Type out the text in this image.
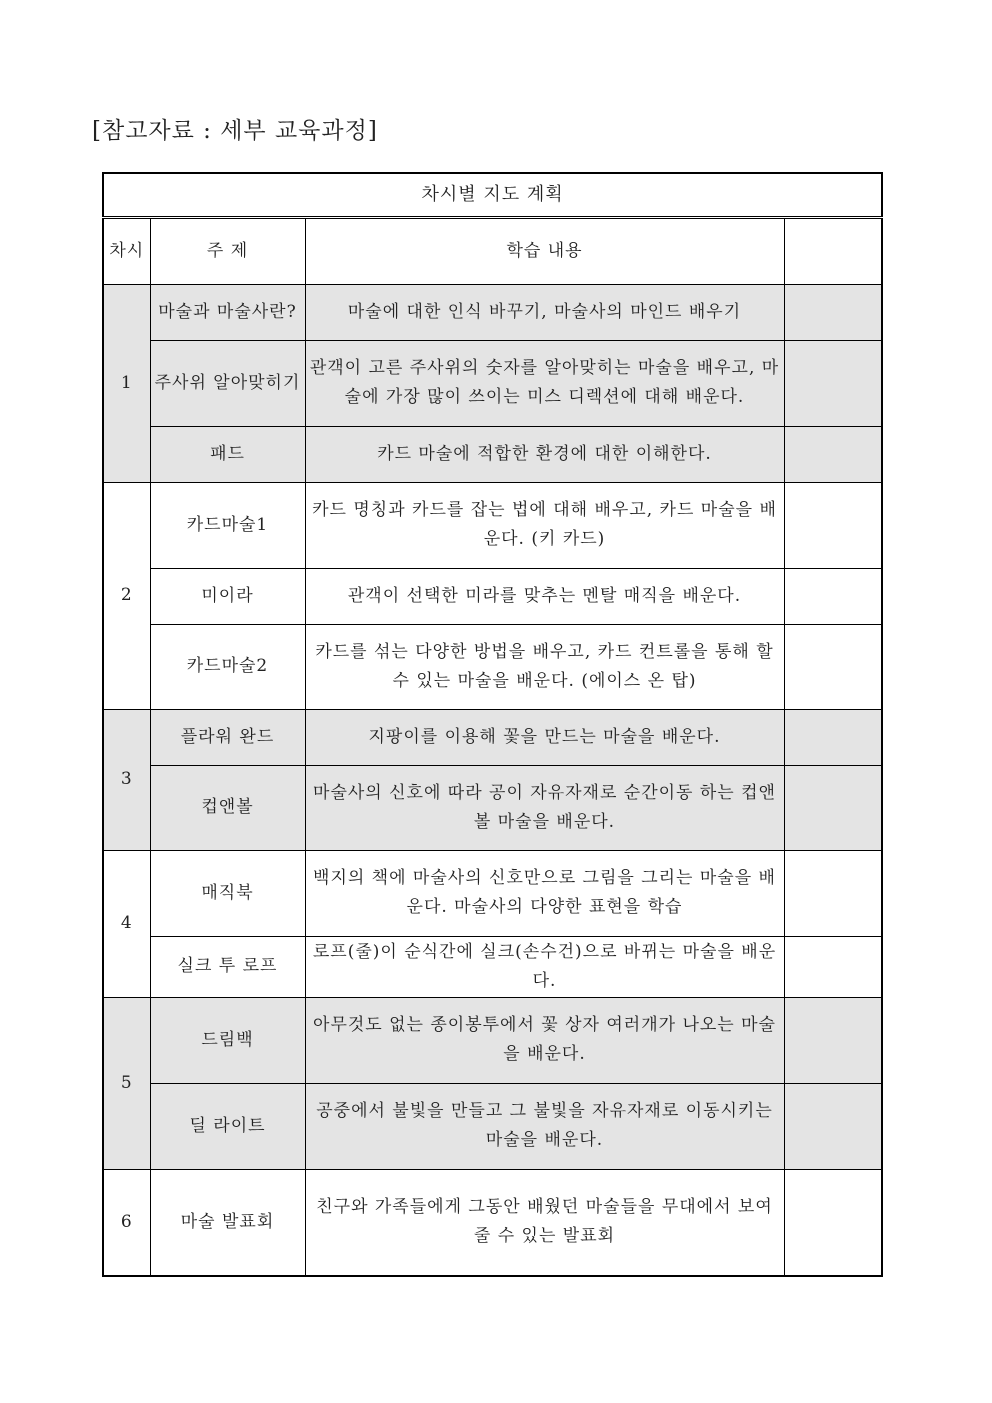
[참고자료 : 세부 교육과정]
차시별 지도 계획			
차시	주 제	학습 내용	
1	마술과 마술사란?	마술에 대한 인식 바꾸기, 마술사의 마인드 배우기	
	주사위 알아맞히기	관객이 고른 주사위의 숫자를 알아맞히는 마술을 배우고, 마술에 가장 많이 쓰이는 미스 디렉션에 대해 배운다.	
	패드	카드 마술에 적합한 환경에 대한 이해한다.	
2	카드마술1	카드 명칭과 카드를 잡는 법에 대해 배우고, 카드 마술을 배운다. (키 카드)	
	미이라	관객이 선택한 미라를 맞추는 멘탈 매직을 배운다.	
	카드마술2	카드를 섞는 다양한 방법을 배우고, 카드 컨트롤을 통해 할 수 있는 마술을 배운다. (에이스 온 탑)	
3	플라워 완드	지팡이를 이용해 꽃을 만드는 마술을 배운다.	
	컵앤볼	마술사의 신호에 따라 공이 자유자재로 순간이동 하는 컵앤볼 마술을 배운다.	
4	매직북	백지의 책에 마술사의 신호만으로 그림을 그리는 마술을 배운다. 마술사의 다양한 표현을 학습	
	실크 투 로프	로프(줄)이 순식간에 실크(손수건)으로 바뀌는 마술을 배운다.	
5	드림백	아무것도 없는 종이봉투에서 꽃 상자 여러개가 나오는 마술을 배운다.	
	딜 라이트	공중에서 불빛을 만들고 그 불빛을 자유자재로 이동시키는 마술을 배운다.	
6	마술 발표회	친구와 가족들에게 그동안 배웠던 마술들을 무대에서 보여줄 수 있는 발표회	
